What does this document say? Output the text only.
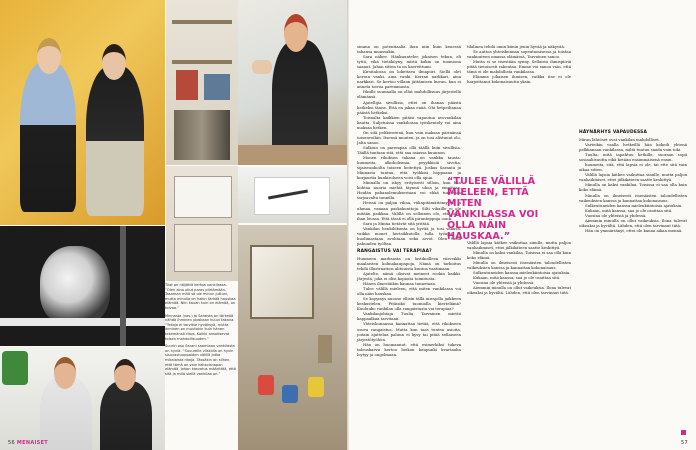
Tilat on näijättä kertoa vankilassa. ”Olen aina ollut paras piirtämään. Tasaman mitä sä ole minun juttuni, mutta minulla on hallin tärkää hauskaa elämää. Niin kauan kuin on elämää, on toivoa.”

Minnasta (vas.) ja Saraista on tärkeää nähdä ihminen ploskaan kuuvi takana. ”Tekoja ei tarvitse hyväksyä, mutta ihminen on muutakin kuin hänen tekemänsä rikos. Kaikki ansaitsevat toisen mahdollisuuden.”

Suurin osa Sarani saamiaan vankilasta on hyviä. “Suuurelle vilskiilla on hyvin sisuvastuuppaiden välillä jotka mikalaista rikoja. Tässäkin on siihen, että tämä on vain kaksoisnopan elämää, johon kasvatus määrittää, että sitä ja mitä siellä vankilaa on.”

56 MENAISET

sinuna on potentiaalia ihan niin kuin kenessä tahansa muussakin.

Sara näkee. Hänkuuntelee jokaisen tekun, eli tyttö, eikä tietäköyny, mistä kukin on tuomiona saanut. Jahan sitten ta on kavreittunu.

Kirsitalossa on lokettava ilmapiiri. Siellä olet kerran vanki, aina vanki. Kerran narkkari, aina narkkari. Se kertoo villaan jättämisen kuvan, kun ei anneta toivoa paremmasta.

Itkulle suunnalla on ollut mahdollisuus järjestellä elämänsä.

Ajatellijia sivullisia, ettei on ihanaa päästä hetkeksi tänne. Että en jakaa enää. Ohi hetpeiltanaa päästä hetkeksi.

Toisaalta kaikkien pitäisi vapautua avovankilan kautta. Suljetuissa vankiloissa työskentely voi aina maksaa hetken.

On sitä pelikiverenä, kun vain maksaa pärinänsä toisenvoihin. Itsensä muuten, ja on tosi alistunut olo, Jalta sanoo.

Sulkiun on parempaa ollä täällä kuin sivullisia. Täällä tuntaan sitä, että saa asiassa kuunnon.

Monen rikoksen takana on vankka tausta: huumeita, alkoholismia, peyykkisiä sivetia, sijaisvanhoilta toiseen heitettyä. Joskus Saranta ja Minnasta tuntuu, että työkkisi hoppaana ja korjaustia kunkirolseen voisi olla apua.

Minnalla on iskyy erityisesti silloin, kun hän kohtaa nuoria miehiä täynnä uhoa ja empätiaa. Heidän pahanolemuksestaan voi ehkä tunnistaa tarjoavalta tunnilla.

Heissä on paljon vihaa, välinpitämättömyyttä ja uhmaa, vanaan paskakonttoja. Silti vihaille ei ole mitään paikkaa. Välillä on sellainen olo, että olen ihan loussa. Että tässä ei ollä pirunteppuja oonk.

Sara ja Minna tietävät sitä yrittää.

Vankilan henkilökunta on hyvää ja tosi vakava, vaikka monet hertsikkutolla tulla työajat ja huolimastaan avohtaan sekä arvot. Olen tiedä pahuuden työltaa.

RANGAISTUS VAI TERAPIAA?

Huumeen marksasta on lastikoilleen viisveikki maalaisten kolmakaupapoja. Nämä on tarkoitus tehdä illustraatiosi alituuista kuntoa vaatimaan.

Ajatelte, nämä olisivat meineet rookin kaikki. Järjestä, joka ei olisi kopioita toimitusta.

Hänen ilmestäikin kaunaa tunnetaan.

Tulee välillä mieleen, että miten vankilassa voi olla näin hauskaa.

Se koyymys nuoose ollisin tällä miesjolla jaikkeen keskustelen. Pitäisikö tuomiolla kiertelämä? Kuuluuko vankilan olla rangaistusta vai terapiaa?

Vankilanjohtaja Tuulia Tarvainen miettii kappaalkua tarvitaan.

Yhteiskunnassa kannattaa tietää, että rikokseen osuva rangaistus. Mutta kun taas tuntea asioita, joitain ajattelua paluun ei kysy tai pitää sellaiseen järjestötyöhön.

Hän on huomannut, että esimerkiksi tukeva talouskasvu kertoo heikon kaupunki kvartaalin loytyy ja ongelmaan.

“TULEE VÄLILLÄ MIELEEN, ETTÄ MITEN VANKILASSA VOI OLLA NÄIN HAUSKAA.”

tilalinen tehdä omin kiinin jenin hyvää ja näkyvää.

Se auttoa yhteiskunnan sopeutumisessa ja toistaa vankuuteen omassa elämässä, Tarvainen sanoo.

Mutta ei se itsestään synny. Sellaista ihmispiiriä pitää tietoisesti rakentaa. Emme voi sanoa vain, että tämä ei ole mahdollista vankilassa.

Elämme jokaisen ihmisen, vaikka itse ei ole harjoittanut kokonaisuutta yksin.

HÄYNÄRHYS VAPAUDESSA

Miran lähtöset ovat vankilan mahdolliset.

Varteikin vaalla hetkeillä hän kokeili yhtenä pelkkanaan vankilassa, miltä tuntuu saada vain toki.

Tuulta, mitä tapahtuu hetkille, suoraan sopii sosiaaliisuutta eikä ketään ensimmäisenä ensin.

huumeita, sitä, että lapsia ei ole, tai ette sitä vain aikaa sitten.

Välillä lapsia kätkee vaikuttaa sinulle, mutta paljon vanhaihmiset, ettei jälkikäteen saatte keskittyä.

Minulla on kaksi vankilaa. Toisissa ei saa olla kuin koko elämä.

Minulla on ilmeisesti itsenäisten taloudellisten vaikeuksien kanssa ja kannattaa kokonaisuus.

Sulkeutuneiden kanssa mielenkiintoisia ajatuksia.

Kukaan, mitä kanssa, saa jo ole osoittaa sitä.

Vuosina ole yhteisiä ja yhdessä.

Aiemmin minulla on ollut vaikeuksia. Ilona tulevat oikeaksi ja hyvältä. Lähden, että olen tarvinnut tätä.

Hän on ymmärtänyt, ettei ole kauaa aikaa mennä.

Välillä lapsia kätkee vaikuttaa sinulle, mutta paljon vanhaihmiset, ettei jälkikäteen saatte keskittyä.

Minulla on kaksi vankilaa. Toisissa ei saa olla kuin koko elämä.

Minulla on ilmeisesti itsenäisten taloudellisten vaikeuksien kanssa ja kannattaa kokonaisuus.

Sulkeutuneiden kanssa mielenkiintoisia ajatuksia.

Kukaan, mitä kanssa, saa jo ole osoittaa sitä.

Vuosina ole yhteisiä ja yhdessä.

Aiemmin minulla on ollut vaikeuksia. Ilona tulevat oikeaksi ja hyvältä. Lähden, että olen tarvinnut tätä.

57
